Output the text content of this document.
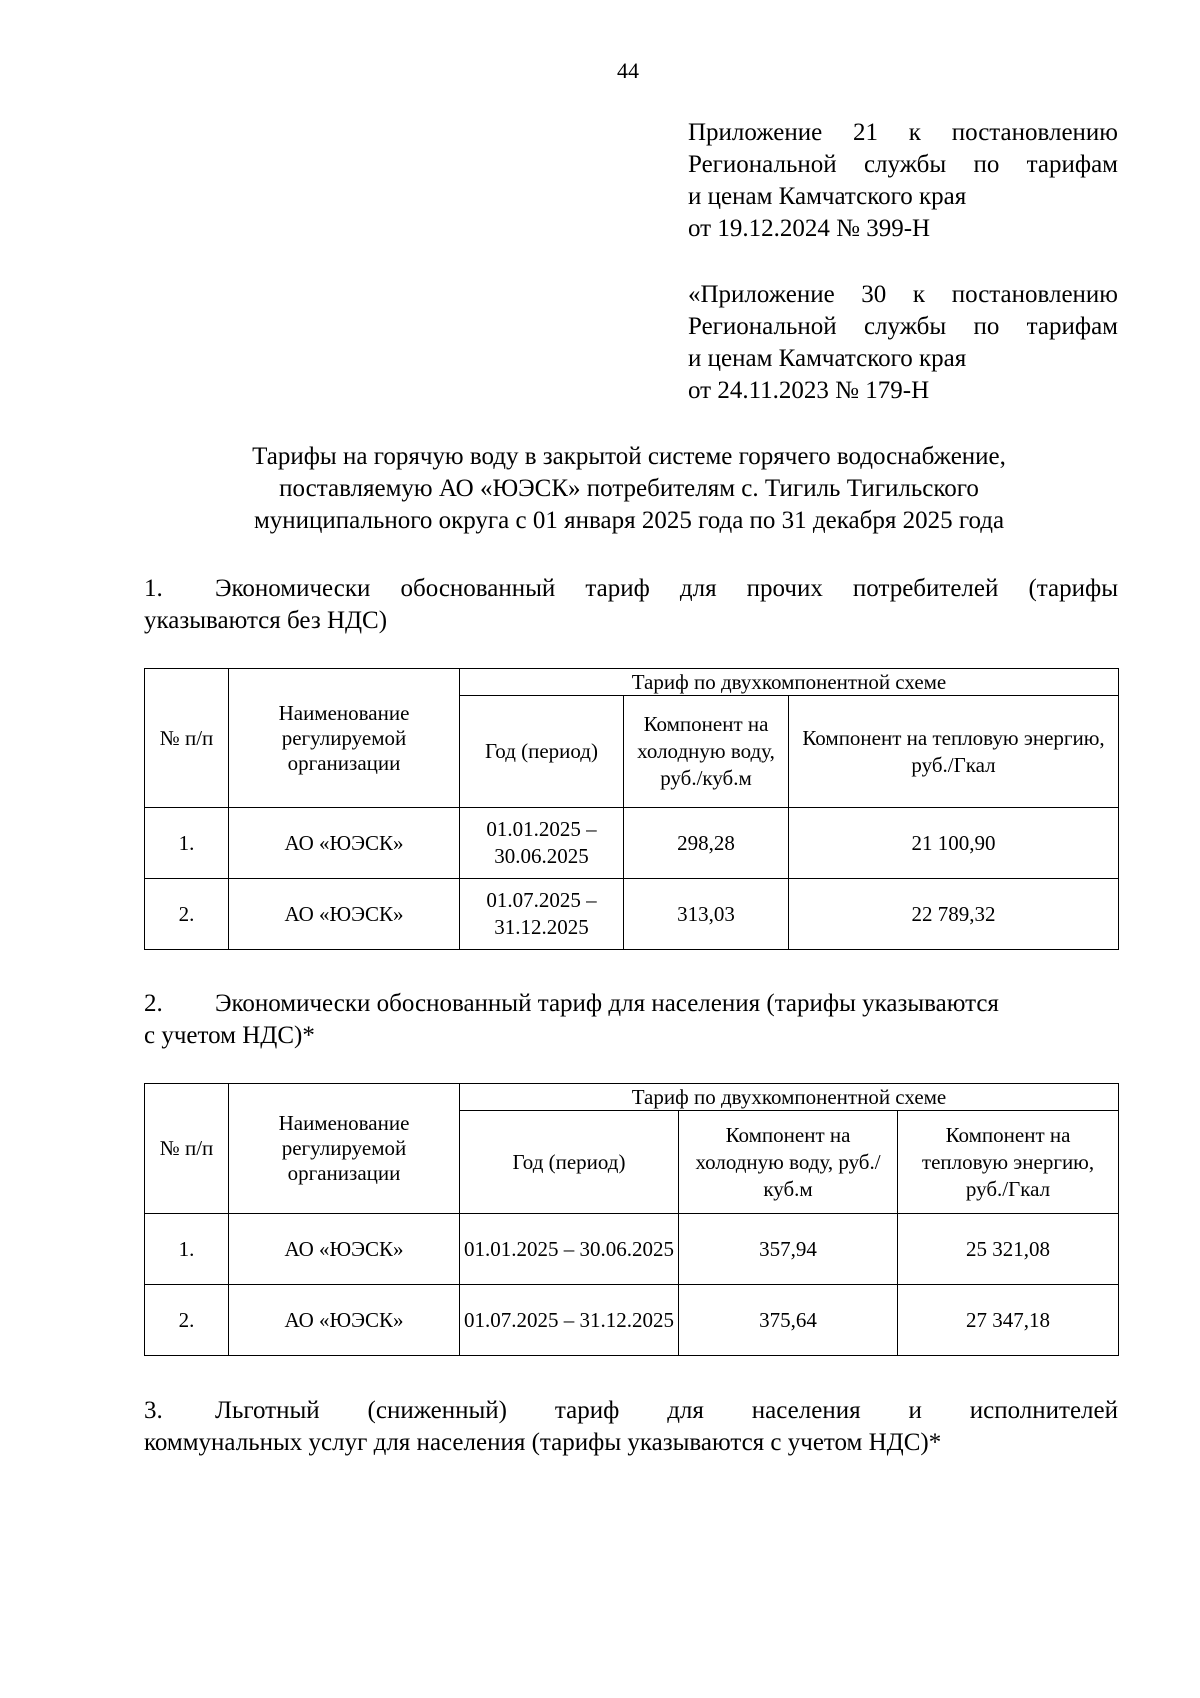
44
Приложение 21 к постановлению
Региональной службы по тарифам
и ценам Камчатского края
от 19.12.2024 № 399-Н
«Приложение 30 к постановлению
Региональной службы по тарифам
и ценам Камчатского края
от 24.11.2023 № 179-Н
Тарифы на горячую воду в закрытой системе горячего водоснабжение,
поставляемую АО «ЮЭСК» потребителям с. Тигиль Тигильского
муниципального округа с 01 января 2025 года по 31 декабря 2025 года
1. Экономически обоснованный тариф для прочих потребителей (тарифы
указываются без НДС)
№ п/п	Наименование регулируемой организации	Тариф по двухкомпонентной схеме		
		Год (период)	Компонент на холодную воду, руб./куб.м	Компонент на тепловую энергию, руб./Гкал
1.	АО «ЮЭСК»	01.01.2025 – 30.06.2025	298,28	21 100,90
2.	АО «ЮЭСК»	01.07.2025 – 31.12.2025	313,03	22 789,32
2. Экономически обоснованный тариф для населения (тарифы указываются
с учетом НДС)*
№ п/п	Наименование регулируемой организации	Тариф по двухкомпонентной схеме		
		Год (период)	Компонент на холодную воду, руб./куб.м	Компонент на тепловую энергию, руб./Гкал
1.	АО «ЮЭСК»	01.01.2025 – 30.06.2025	357,94	25 321,08
2.	АО «ЮЭСК»	01.07.2025 – 31.12.2025	375,64	27 347,18
3. Льготный (сниженный) тариф для населения и исполнителей
коммунальных услуг для населения (тарифы указываются с учетом НДС)*
